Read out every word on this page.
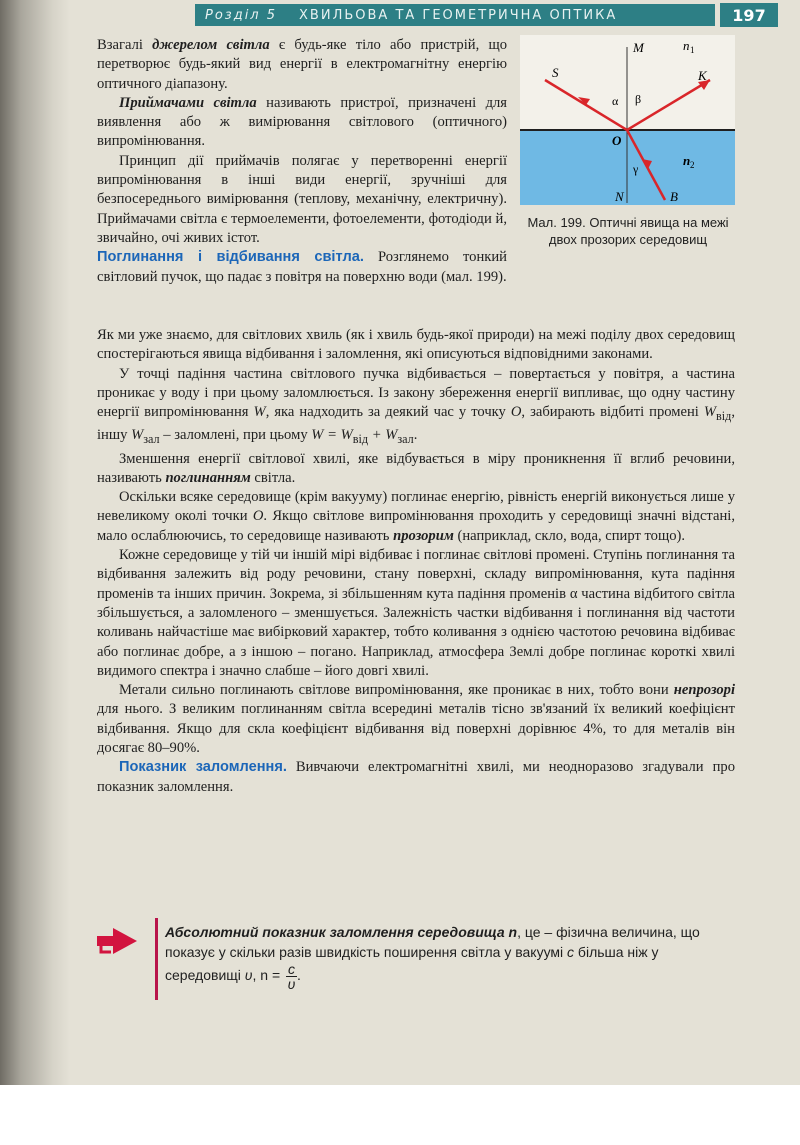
Розділ 5 ХВИЛЬОВА ТА ГЕОМЕТРИЧНА ОПТИКА	197
M	n 1
S	K
α β
O
n 2
γ
N	B
Мал. 199. Оптичні явища на межі двох прозорих середовищ

Взагалі джерелом світла є будь-яке тіло або пристрій, що перетворює будь-який вид енергії в електромагнітну енергію оптичного діапазону.

Приймачами світла називають пристрої, призначені для виявлення або ж вимірювання світлового (оптичного) випромінювання.

Принцип дії приймачів полягає у перетворенні енергії випромінювання в інші види енергії, зручніші для безпосереднього вимірювання (теплову, механічну, електричну). Приймачами світла є термоелементи, фотоелементи, фотодіоди й, звичайно, очі живих істот.

Поглинання і відбивання світла. Розглянемо тонкий світловий пучок, що падає з повітря на поверхню води (мал. 199).

Як ми уже знаємо, для світлових хвиль (як і хвиль будь-якої природи) на межі поділу двох середовищ спостерігаються явища відбивання і заломлення, які описуються відповідними законами.

У точці падіння частина світлового пучка відбивається – повертається у повітря, а частина проникає у воду і при цьому заломлюється. Із закону збереження енергії випливає, що одну частину енергії випромінювання W, яка надходить за деякий час у точку O, забирають відбиті промені $W_{від}$, іншу $W_{зал}$ – заломлені, при цьому $W = W_{від} + W_{зал}$.

Зменшення енергії світлової хвилі, яке відбувається в міру проникнення її вглиб речовини, називають поглинанням світла.

Оскільки всяке середовище (крім вакууму) поглинає енергію, рівність енергій виконується лише у невеликому околі точки O. Якщо світлове випромінювання проходить у середовищі значні відстані, мало ослаблюючись, то середовище називають прозорим (наприклад, скло, вода, спирт тощо).

Кожне середовище у тій чи іншій мірі відбиває і поглинає світлові промені. Ступінь поглинання та відбивання залежить від роду речовини, стану поверхні, складу випромінювання, кута падіння променів та інших причин. Зокрема, зі збільшенням кута падіння променів α частина відбитого світла збільшується, а заломленого – зменшується. Залежність частки відбивання і поглинання від частоти коливань найчастіше має вибірковий характер, тобто коливання з однією частотою речовина відбиває або поглинає добре, а з іншою – погано. Наприклад, атмосфера Землі добре поглинає короткі хвилі видимого спектра і значно слабше – його довгі хвилі.

Метали сильно поглинають світлове випромінювання, яке проникає в них, тобто вони непрозорі для нього. З великим поглинанням світла всередині металів тісно зв'язаний їх великий коефіцієнт відбивання. Якщо для скла коефіцієнт відбивання від поверхні дорівнює 4%, то для металів він досягає 80–90%.

Показник заломлення. Вивчаючи електромагнітні хвилі, ми неодноразово згадували про показник заломлення.

Абсолютний показник заломлення середовища n, це – фізична величина, що показує у скільки разів швидкість поширення світла у вакуумі c більша ніж у середовищі υ, $n = \frac{c}{\upsilon}$ .
